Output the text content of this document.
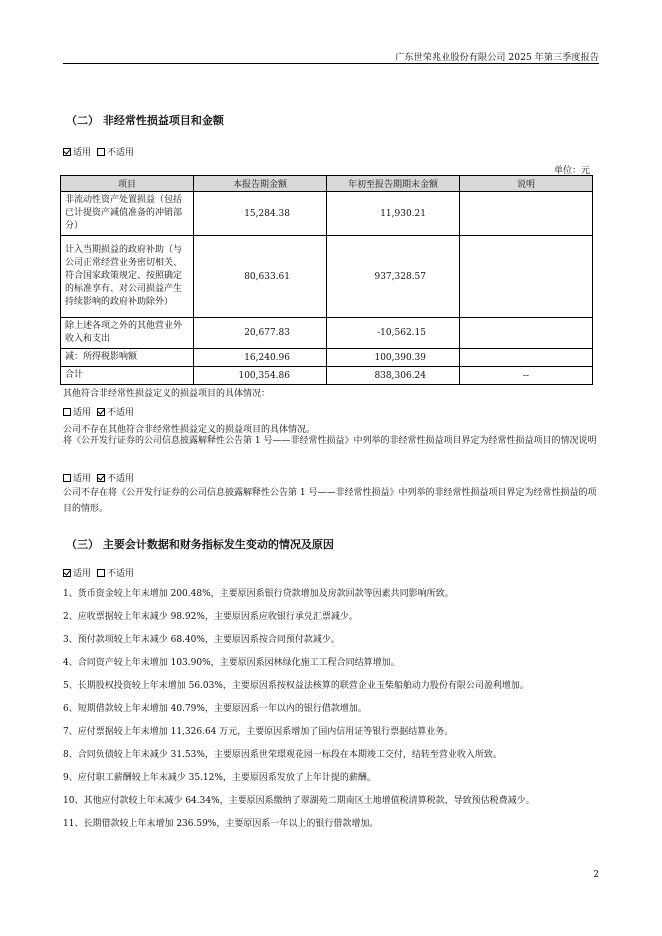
广东世荣兆业股份有限公司 2025 年第三季度报告
（二） 非经常性损益项目和金额
适用 不适用
单位：元
项目	本报告期金额	年初至报告期期末金额	说明
非流动性资产处置损益（包括已计提资产减值准备的冲销部分）	15,284.38	11,930.21	
计入当期损益的政府补助（与公司正常经营业务密切相关、符合国家政策规定、按照确定的标准享有、对公司损益产生持续影响的政府补助除外）	80,633.61	937,328.57	
除上述各项之外的其他营业外收入和支出	20,677.83	-10,562.15	
减：所得税影响额	16,240.96	100,390.39	
合计	100,354.86	838,306.24	--
其他符合非经常性损益定义的损益项目的具体情况：
适用 不适用
公司不存在其他符合非经常性损益定义的损益项目的具体情况。
将《公开发行证券的公司信息披露解释性公告第 1 号——非经常性损益》中列举的非经常性损益项目界定为经常性损益项目的情况说明
适用 不适用
公司不存在将《公开发行证券的公司信息披露解释性公告第 1 号——非经常性损益》中列举的非经常性损益项目界定为经常性损益的项目的情形。
（三） 主要会计数据和财务指标发生变动的情况及原因
适用 不适用
1、货币资金较上年末增加 200.48%，主要原因系银行贷款增加及房款回款等因素共同影响所致。
2、应收票据较上年末减少 98.92%，主要原因系应收银行承兑汇票减少。
3、预付款项较上年末减少 68.40%，主要原因系按合同预付款减少。
4、合同资产较上年末增加 103.90%，主要原因系园林绿化施工工程合同结算增加。
5、长期股权投资较上年末增加 56.03%，主要原因系按权益法核算的联营企业玉柴船舶动力股份有限公司盈利增加。
6、短期借款较上年末增加 40.79%，主要原因系一年以内的银行借款增加。
7、应付票据较上年末增加 11,326.64 万元，主要原因系增加了国内信用证等银行票据结算业务。
8、合同负债较上年末减少 31.53%，主要原因系世荣璟观花园一标段在本期竣工交付，结转至营业收入所致。
9、应付职工薪酬较上年末减少 35.12%，主要原因系发放了上年计提的薪酬。
10、其他应付款较上年末减少 64.34%，主要原因系缴纳了翠湖苑二期南区土地增值税清算税款，导致预估税费减少。
11、长期借款较上年末增加 236.59%，主要原因系一年以上的银行借款增加。
2
